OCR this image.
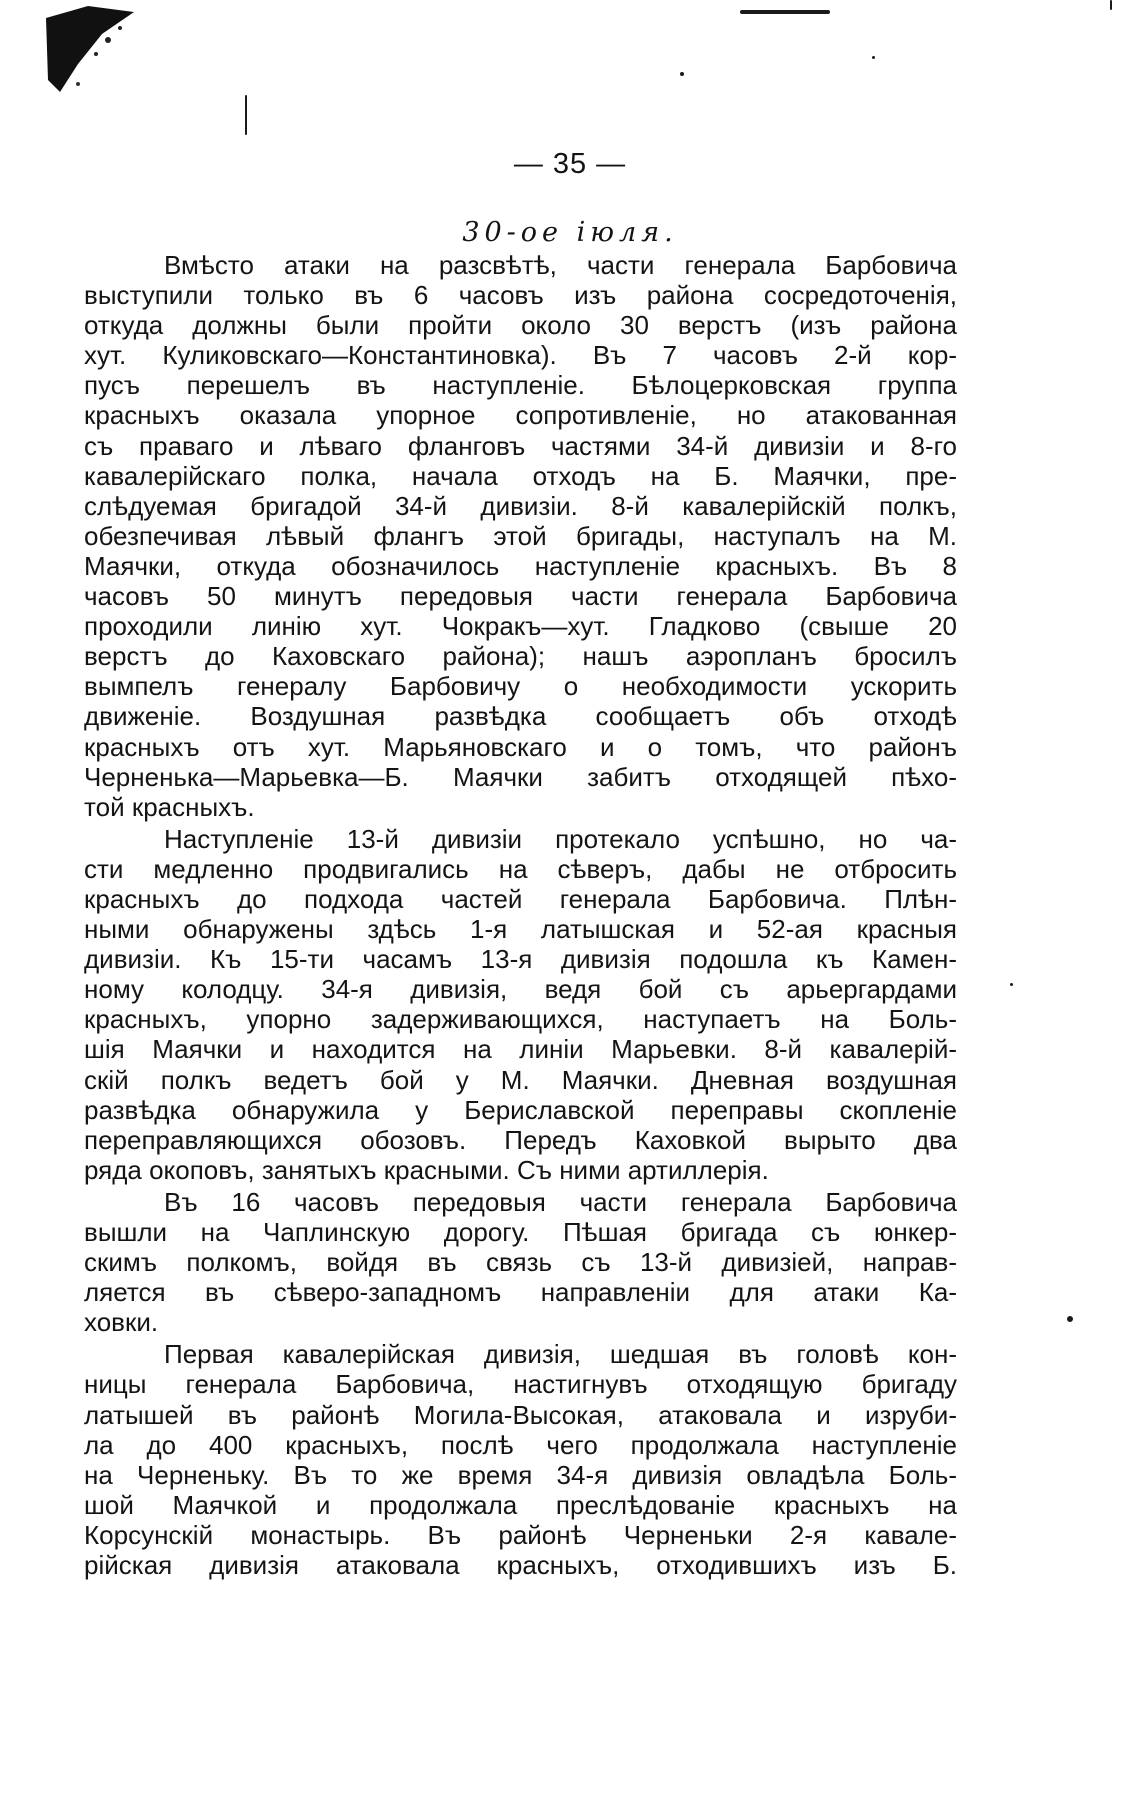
— 35 —
30-ое іюля.
Вмѣсто атаки на разсвѣтѣ, части генерала Барбовича
выступили только въ 6 часовъ изъ района сосредоточенія,
откуда должны были пройти около 30 верстъ (изъ района
хут. Куликовскаго—Константиновка). Въ 7 часовъ 2-й кор-
пусъ перешелъ въ наступленіе. Бѣлоцерковская группа
красныхъ оказала упорное сопротивленіе, но атакованная
съ праваго и лѣваго фланговъ частями 34-й дивизіи и 8-го
кавалерійскаго полка, начала отходъ на Б. Маячки, пре-
слѣдуемая бригадой 34-й дивизіи. 8-й кавалерійскій полкъ,
обезпечивая лѣвый флангъ этой бригады, наступалъ на М.
Маячки, откуда обозначилось наступленіе красныхъ. Въ 8
часовъ 50 минутъ передовыя части генерала Барбовича
проходили линію хут. Чокракъ—хут. Гладково (свыше 20
верстъ до Каховскаго района); нашъ аэропланъ бросилъ
вымпелъ генералу Барбовичу о необходимости ускорить
движеніе. Воздушная развѣдка сообщаетъ объ отходѣ
красныхъ отъ хут. Марьяновскаго и о томъ, что районъ
Черненька—Марьевка—Б. Маячки забитъ отходящей пѣхо-
той красныхъ.
Наступленіе 13-й дивизіи протекало успѣшно, но ча-
сти медленно продвигались на сѣверъ, дабы не отбросить
красныхъ до подхода частей генерала Барбовича. Плѣн-
ными обнаружены здѣсь 1-я латышская и 52-ая красныя
дивизіи. Къ 15-ти часамъ 13-я дивизія подошла къ Камен-
ному колодцу. 34-я дивизія, ведя бой съ арьергардами
красныхъ, упорно задерживающихся, наступаетъ на Боль-
шія Маячки и находится на линіи Марьевки. 8-й кавалерій-
скій полкъ ведетъ бой у М. Маячки. Дневная воздушная
развѣдка обнаружила у Бериславской переправы скопленіе
переправляющихся обозовъ. Передъ Каховкой вырыто два
ряда окоповъ, занятыхъ красными. Съ ними артиллерія.
Въ 16 часовъ передовыя части генерала Барбовича
вышли на Чаплинскую дорогу. Пѣшая бригада съ юнкер-
скимъ полкомъ, войдя въ связь съ 13-й дивизіей, направ-
ляется въ сѣверо-западномъ направленіи для атаки Ка-
ховки.
Первая кавалерійская дивизія, шедшая въ головѣ кон-
ницы генерала Барбовича, настигнувъ отходящую бригаду
латышей въ районѣ Могила-Высокая, атаковала и изруби-
ла до 400 красныхъ, послѣ чего продолжала наступленіе
на Черненьку. Въ то же время 34-я дивизія овладѣла Боль-
шой Маячкой и продолжала преслѣдованіе красныхъ на
Корсунскій монастырь. Въ районѣ Черненьки 2-я кавале-
рійская дивизія атаковала красныхъ, отходившихъ изъ Б.
